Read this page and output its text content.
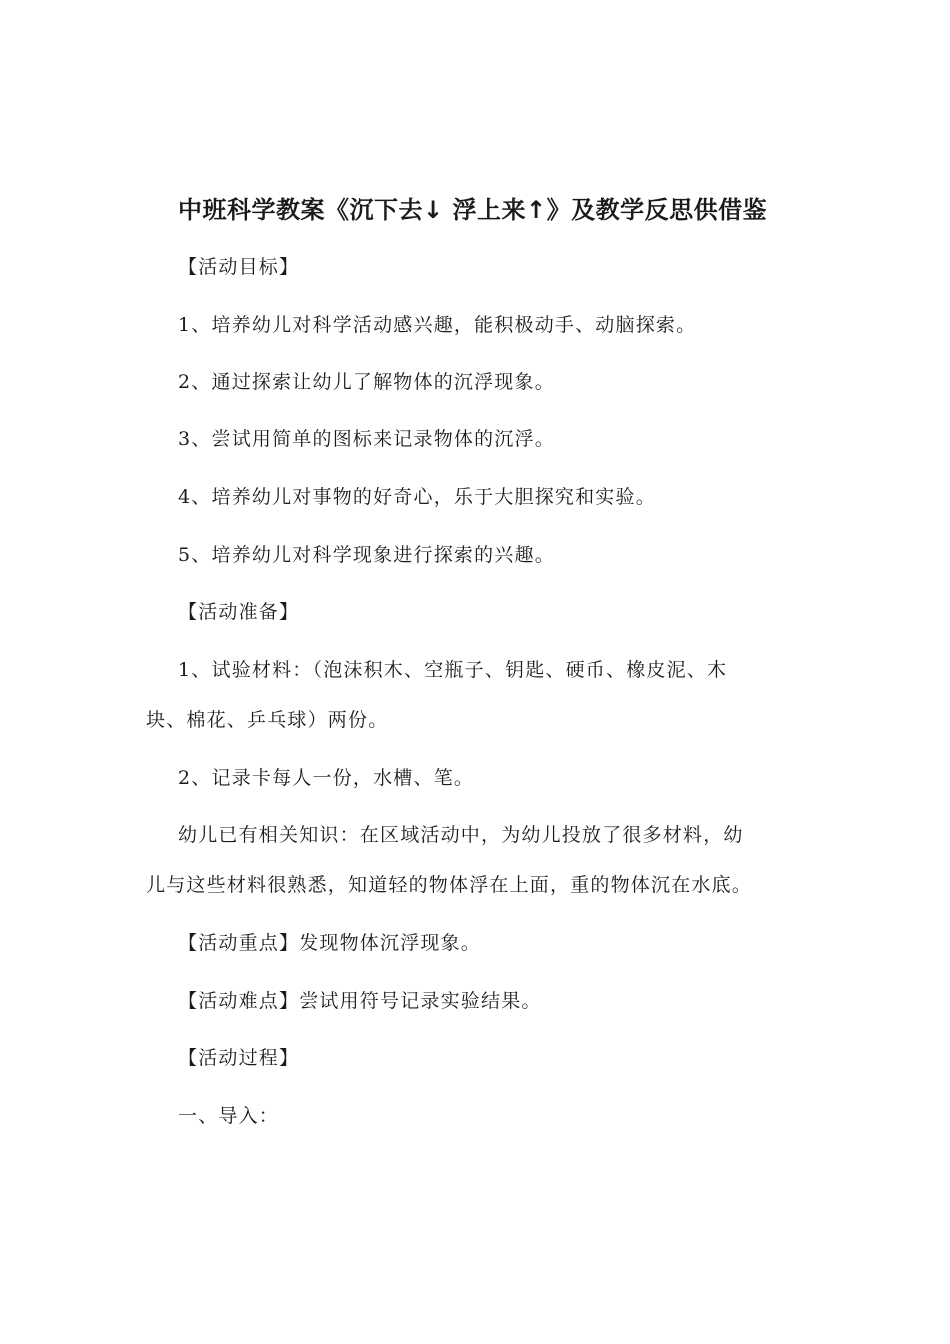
中班科学教案《沉下去↓ 浮上来↑》及教学反思供借鉴
【活动目标】
1、培养幼儿对科学活动感兴趣，能积极动手、动脑探索。
2、通过探索让幼儿了解物体的沉浮现象。
3、尝试用简单的图标来记录物体的沉浮。
4、培养幼儿对事物的好奇心，乐于大胆探究和实验。
5、培养幼儿对科学现象进行探索的兴趣。
【活动准备】
1、试验材料：（泡沫积木、空瓶子、钥匙、硬币、橡皮泥、木
块、棉花、乒乓球）两份。
2、记录卡每人一份，水槽、笔。
幼儿已有相关知识：在区域活动中，为幼儿投放了很多材料，幼
儿与这些材料很熟悉，知道轻的物体浮在上面，重的物体沉在水底。
【活动重点】发现物体沉浮现象。
【活动难点】尝试用符号记录实验结果。
【活动过程】
一、导入：
